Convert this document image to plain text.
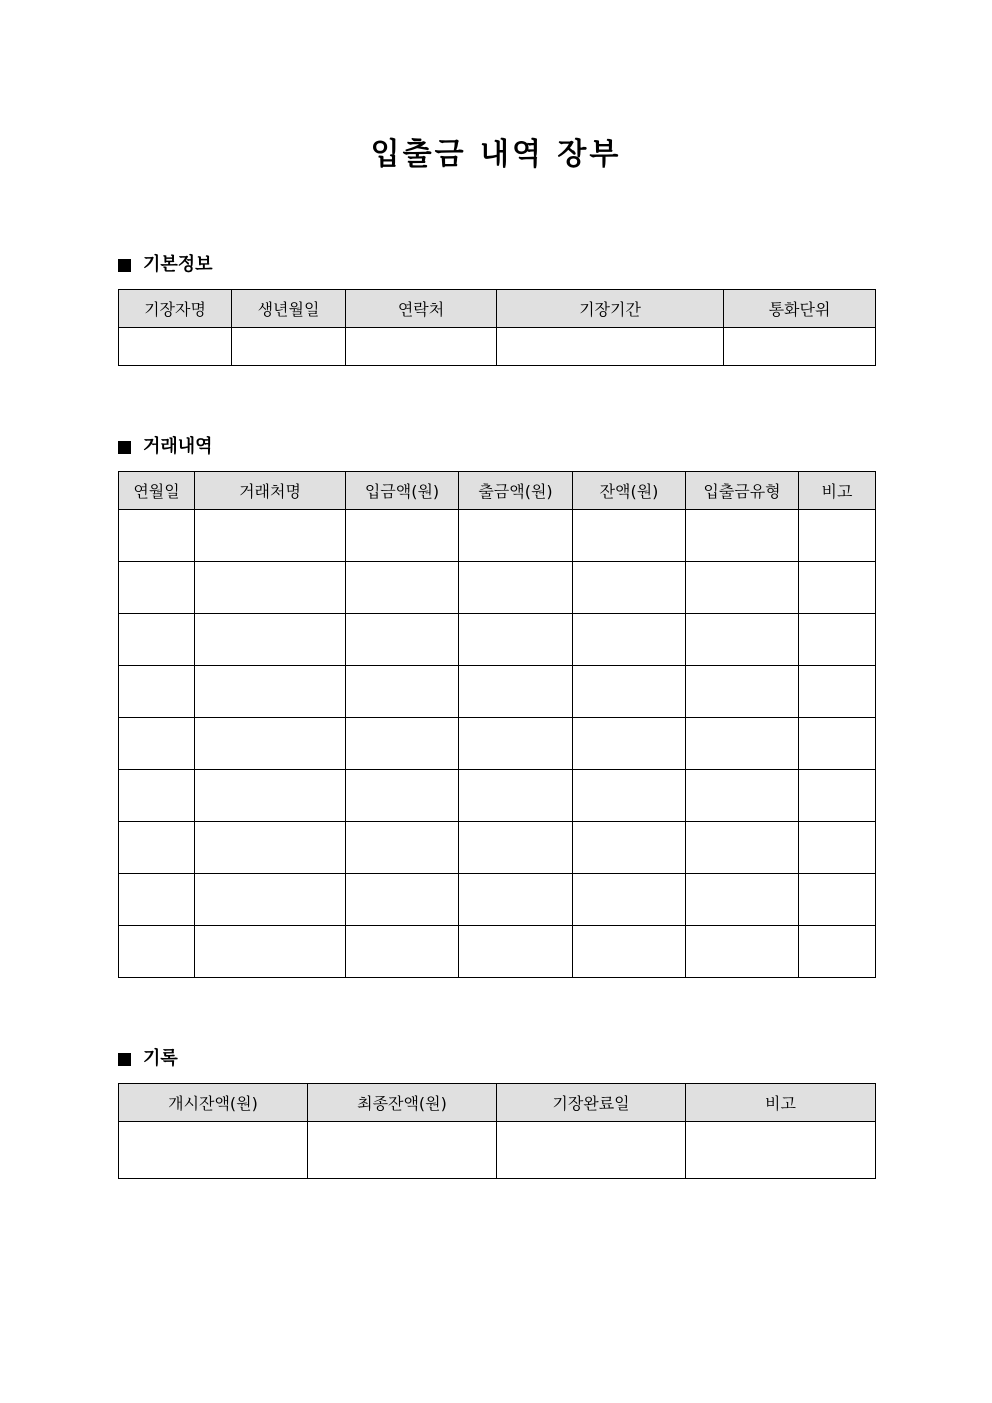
입출금 내역 장부
기본정보
기장자명	생년월일	연락처	기장기간	통화단위

거래내역
연월일	거래처명	입금액(원)	출금액(원)	잔액(원)	입출금유형	비고

기록
개시잔액(원)	최종잔액(원)	기장완료일	비고
